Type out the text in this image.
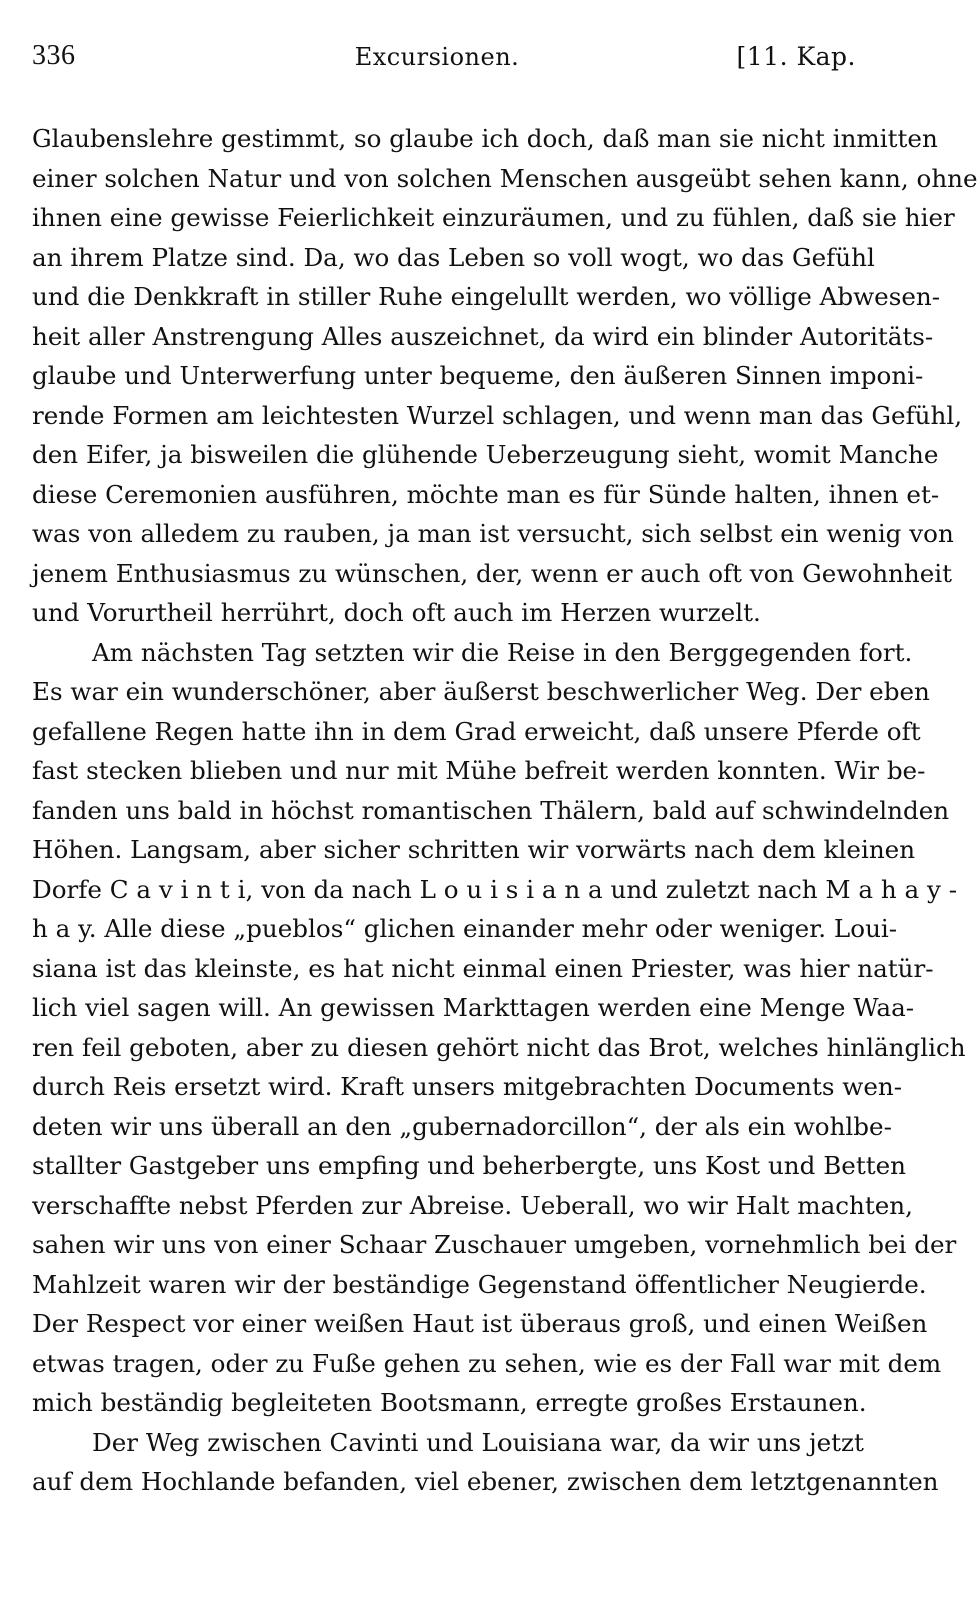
336	Excursionen.	[11. Kap.
Glaubenslehre gestimmt, so glaube ich doch, daß man sie nicht inmitten
einer solchen Natur und von solchen Menschen ausgeübt sehen kann, ohne
ihnen eine gewisse Feierlichkeit einzuräumen, und zu fühlen, daß sie hier
an ihrem Platze sind. Da, wo das Leben so voll wogt, wo das Gefühl
und die Denkkraft in stiller Ruhe eingelullt werden, wo völlige Abwesen-
heit aller Anstrengung Alles auszeichnet, da wird ein blinder Autoritäts-
glaube und Unterwerfung unter bequeme, den äußeren Sinnen imponi-
rende Formen am leichtesten Wurzel schlagen, und wenn man das Gefühl,
den Eifer, ja bisweilen die glühende Ueberzeugung sieht, womit Manche
diese Ceremonien ausführen, möchte man es für Sünde halten, ihnen et-
was von alledem zu rauben, ja man ist versucht, sich selbst ein wenig von
jenem Enthusiasmus zu wünschen, der, wenn er auch oft von Gewohnheit
und Vorurtheil herrührt, doch oft auch im Herzen wurzelt.
Am nächsten Tag setzten wir die Reise in den Berggegenden fort.
Es war ein wunderschöner, aber äußerst beschwerlicher Weg. Der eben
gefallene Regen hatte ihn in dem Grad erweicht, daß unsere Pferde oft
fast stecken blieben und nur mit Mühe befreit werden konnten. Wir be-
fanden uns bald in höchst romantischen Thälern, bald auf schwindelnden
Höhen. Langsam, aber sicher schritten wir vorwärts nach dem kleinen
Dorfe C a v i n t i, von da nach L o u i s i a n a und zuletzt nach M a h a y -
h a y. Alle diese „pueblos“ glichen einander mehr oder weniger. Loui-
siana ist das kleinste, es hat nicht einmal einen Priester, was hier natür-
lich viel sagen will. An gewissen Markttagen werden eine Menge Waa-
ren feil geboten, aber zu diesen gehört nicht das Brot, welches hinlänglich
durch Reis ersetzt wird. Kraft unsers mitgebrachten Documents wen-
deten wir uns überall an den „gubernadorcillon“, der als ein wohlbe-
stallter Gastgeber uns empfing und beherbergte, uns Kost und Betten
verschaffte nebst Pferden zur Abreise. Ueberall, wo wir Halt machten,
sahen wir uns von einer Schaar Zuschauer umgeben, vornehmlich bei der
Mahlzeit waren wir der beständige Gegenstand öffentlicher Neugierde.
Der Respect vor einer weißen Haut ist überaus groß, und einen Weißen
etwas tragen, oder zu Fuße gehen zu sehen, wie es der Fall war mit dem
mich beständig begleiteten Bootsmann, erregte großes Erstaunen.
Der Weg zwischen Cavinti und Louisiana war, da wir uns jetzt
auf dem Hochlande befanden, viel ebener, zwischen dem letztgenannten
